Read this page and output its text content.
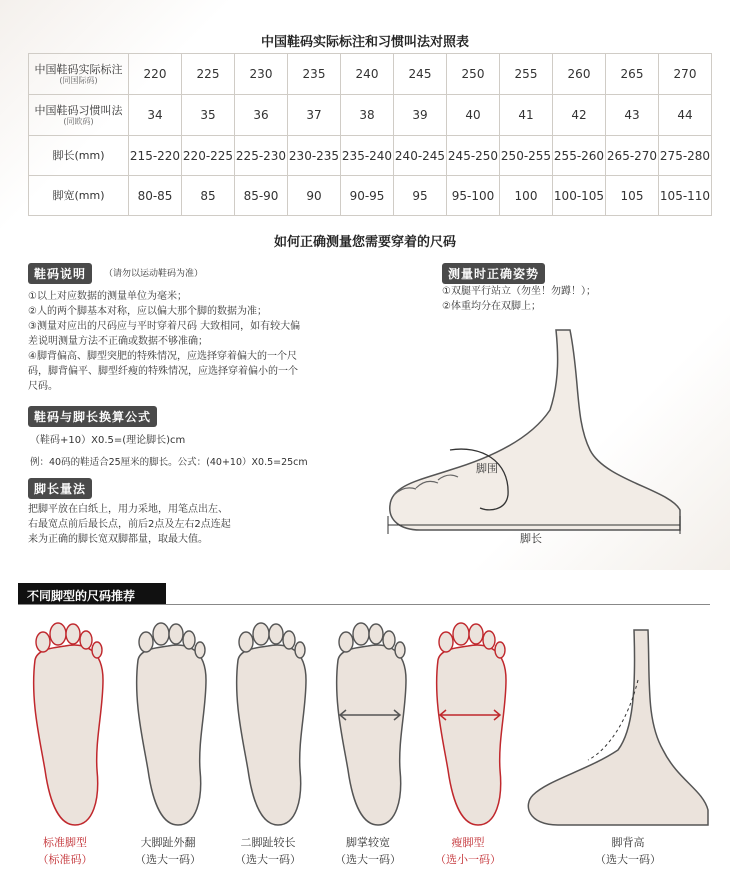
中国鞋码实际标注和习惯叫法对照表
中国鞋码实际标注
(同国际码)	220	225	230	235	240	245	250	255	260	265	270
中国鞋码习惯叫法
(同欧码)	34	35	36	37	38	39	40	41	42	43	44
脚长(mm)	215-220	220-225	225-230	230-235	235-240	240-245	245-250	250-255	255-260	265-270	275-280
脚宽(mm)	80-85	85	85-90	90	90-95	95	95-100	100	100-105	105	105-110
如何正确测量您需要穿着的尺码
鞋码说明	（请勿以运动鞋码为准）
①以上对应数据的测量单位为毫米；
②人的两个脚基本对称，应以偏大那个脚的数据为准；
③测量对应出的尺码应与平时穿着尺码 大致相同，如有较大偏
差说明测量方法不正确或数据不够准确；
④脚背偏高、脚型突肥的特殊情况，应选择穿着偏大的一个尺
码，脚背偏平、脚型纤瘦的特殊情况，应选择穿着偏小的一个
尺码。
鞋码与脚长换算公式
（鞋码+10）X0.5=(理论脚长)cm
例：40码的鞋适合25厘米的脚长。公式：(40+10）X0.5=25cm
脚长量法
把脚平放在白纸上，用力采地，用笔点出左、
右最宽点前后最长点，前后2点及左右2点连起
来为正确的脚长宽双脚都量，取最大值。
测量时正确姿势
①双腿平行站立（勿坐！勿蹲！）；
②体重均分在双脚上；
脚围
脚长
不同脚型的尺码推荐
标准脚型
（标准码）
大脚趾外翻
（选大一码）
二脚趾较长
（选大一码）
脚掌较宽
（选大一码）
瘦脚型
（选小一码）
脚背高
（选大一码）
